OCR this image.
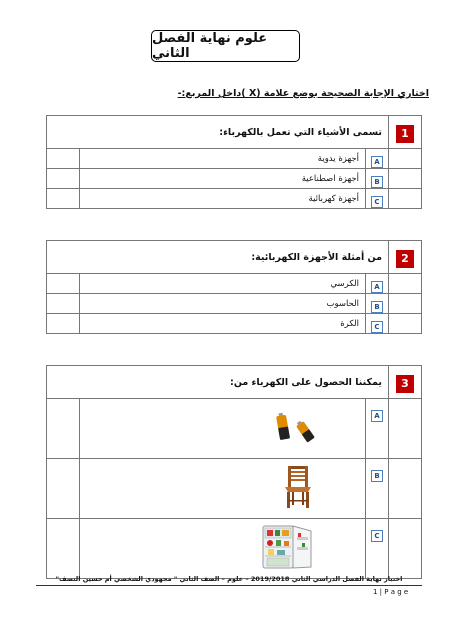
علوم نهاية الفصل الثاني
اختاري الإجابة الصحيحة بوضع علامة (X )داخل المربع:-
1	تسمى الأشياء التي تعمل بالكهرباء:		
	A	أجهزة يدوية	
	B	أجهزة اصطناعية	
	C	أجهزة كهربائية	
2	من أمثلة الأجهزة الكهربائية:		
	A	الكرسي	
	B	الحاسوب	
	C	الكرة	
3	يمكننا الحصول على الكهرباء من:		
	A		
	B		
	C		
اختبار نهاية الفصل الدراسي الثاني 2019/2018 – علوم – الصف الثاني " مجهودي الشخصي أم حسين النصف"
1 | P a g e
